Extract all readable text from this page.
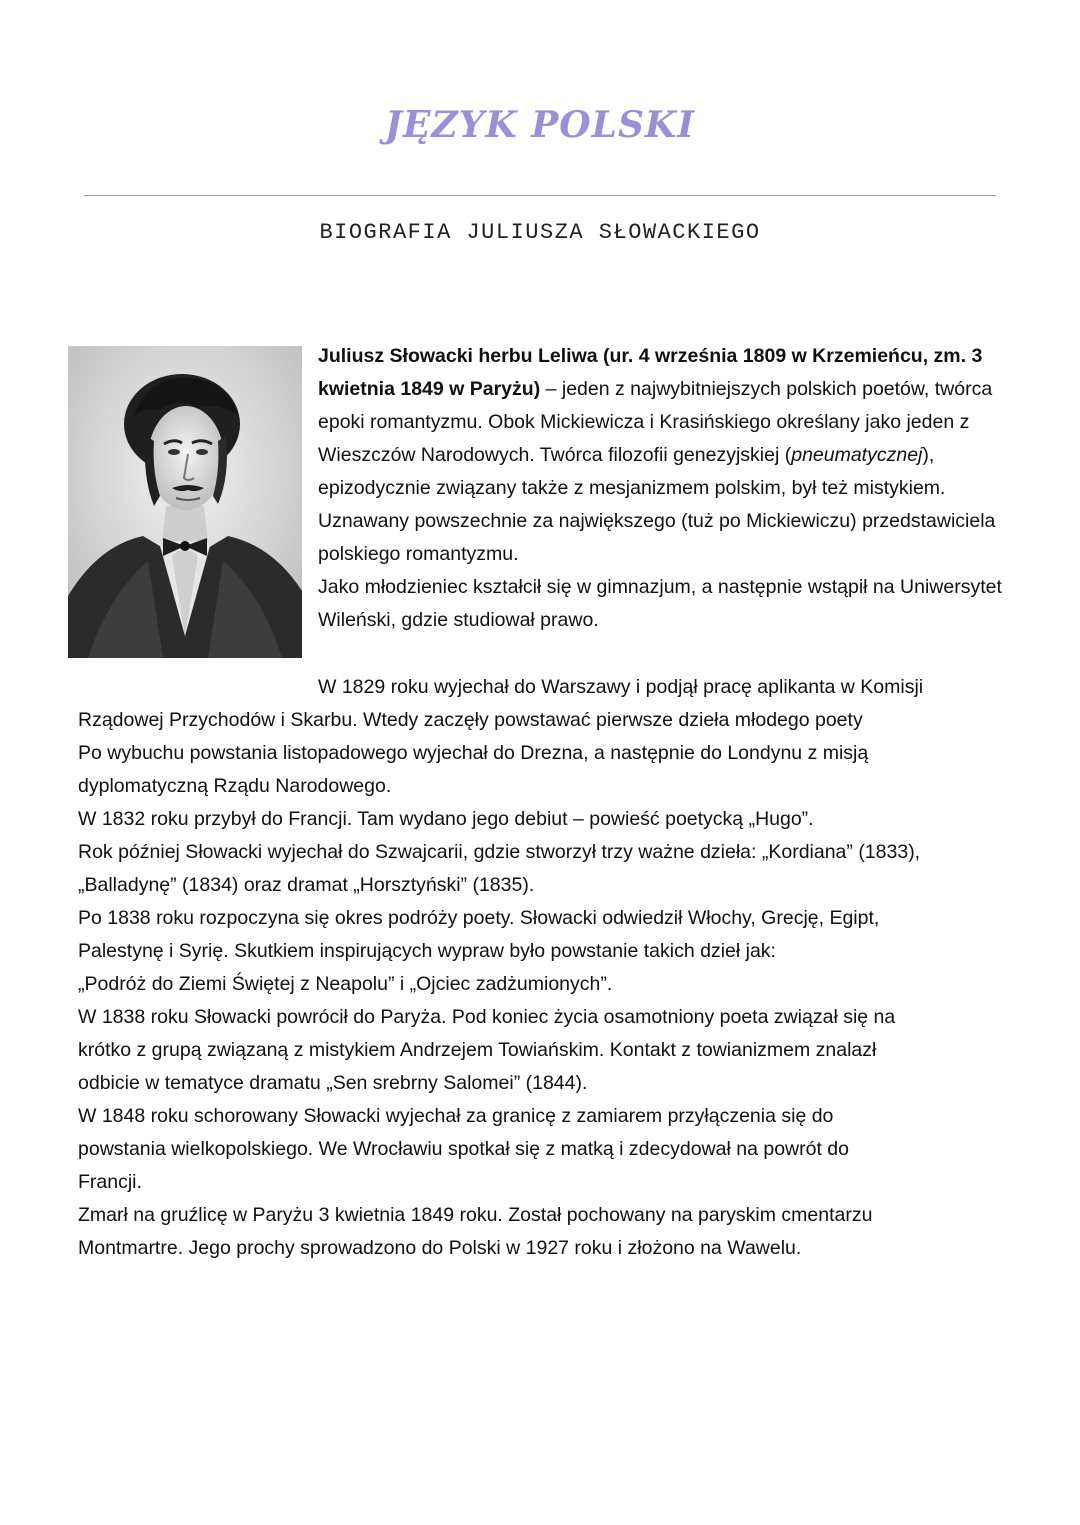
JĘZYK POLSKI
BIOGRAFIA JULIUSZA SŁOWACKIEGO

Juliusz Słowacki herbu Leliwa (ur. 4 września 1809 w Krzemieńcu, zm. 3 kwietnia 1849 w Paryżu) – jeden z najwybitniejszych polskich poetów, twórca epoki romantyzmu. Obok Mickiewicza i Krasińskiego określany jako jeden z Wieszczów Narodowych. Twórca filozofii genezyjskiej (pneumatycznej), epizodycznie związany także z mesjanizmem polskim, był też mistykiem. Uznawany powszechnie za największego (tuż po Mickiewiczu) przedstawiciela polskiego romantyzmu.

Jako młodzieniec kształcił się w gimnazjum, a następnie wstąpił na Uniwersytet Wileński, gdzie studiował prawo.

W 1829 roku wyjechał do Warszawy i podjął pracę aplikanta w Komisji

Rządowej Przychodów i Skarbu. Wtedy zaczęły powstawać pierwsze dzieła młodego poety

Po wybuchu powstania listopadowego wyjechał do Drezna, a następnie do Londynu z misją

dyplomatyczną Rządu Narodowego.

W 1832 roku przybył do Francji. Tam wydano jego debiut – powieść poetycką „Hugo”.

Rok później Słowacki wyjechał do Szwajcarii, gdzie stworzył trzy ważne dzieła: „Kordiana” (1833),

„Balladynę” (1834) oraz dramat „Horsztyński” (1835).

Po 1838 roku rozpoczyna się okres podróży poety. Słowacki odwiedził Włochy, Grecję, Egipt,

Palestynę i Syrię. Skutkiem inspirujących wypraw było powstanie takich dzieł jak:

„Podróż do Ziemi Świętej z Neapolu” i „Ojciec zadżumionych”.

W 1838 roku Słowacki powrócił do Paryża. Pod koniec życia osamotniony poeta związał się na

krótko z grupą związaną z mistykiem Andrzejem Towiańskim. Kontakt z towianizmem znalazł

odbicie w tematyce dramatu „Sen srebrny Salomei” (1844).

W 1848 roku schorowany Słowacki wyjechał za granicę z zamiarem przyłączenia się do

powstania wielkopolskiego. We Wrocławiu spotkał się z matką i zdecydował na powrót do

Francji.

Zmarł na gruźlicę w Paryżu 3 kwietnia 1849 roku. Został pochowany na paryskim cmentarzu

Montmartre. Jego prochy sprowadzono do Polski w 1927 roku i złożono na Wawelu.
